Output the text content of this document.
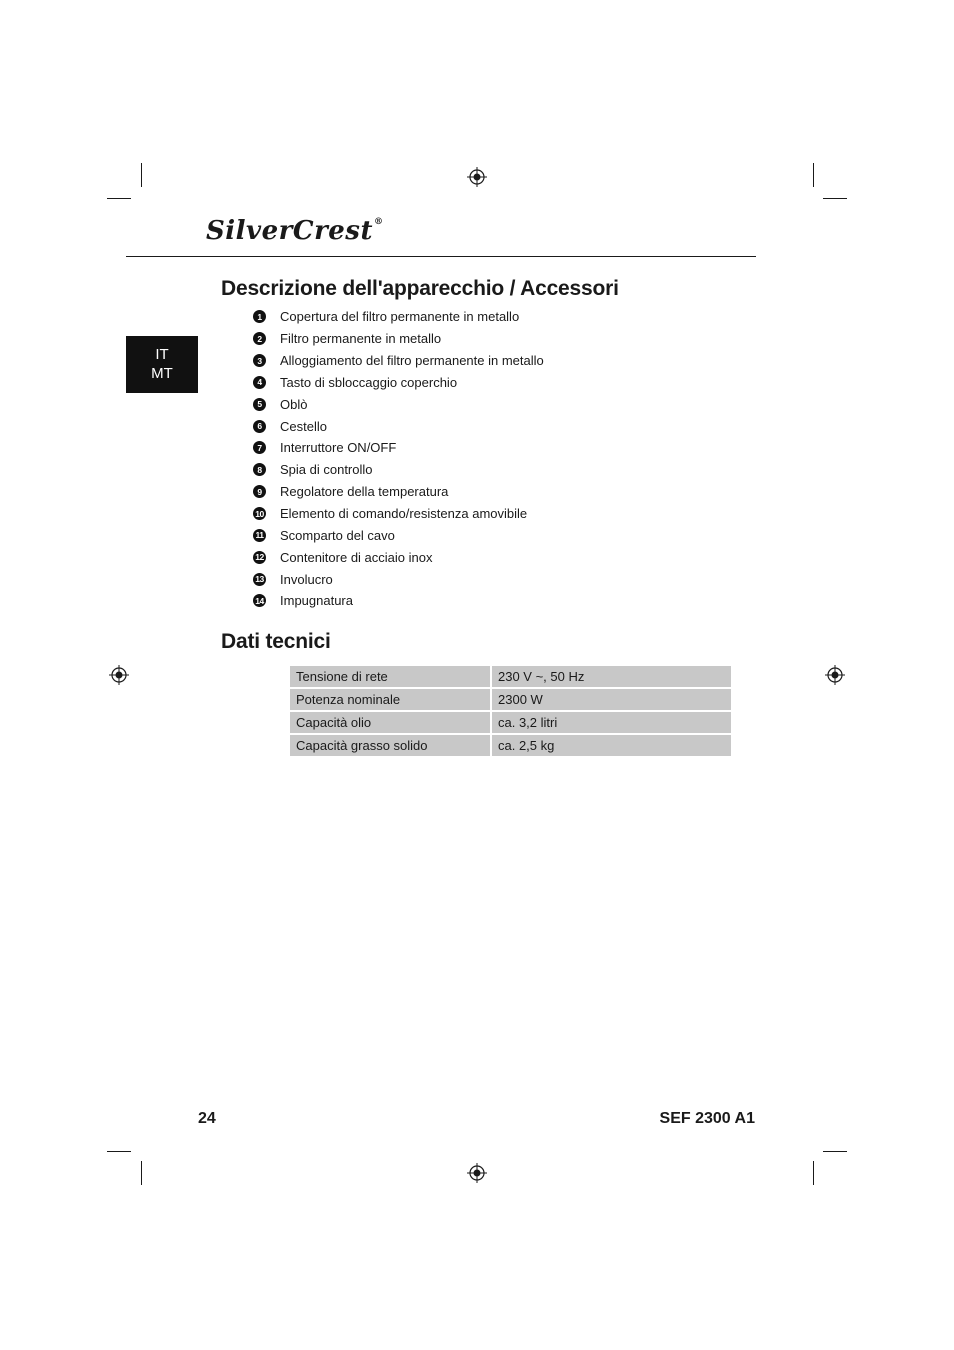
SilverCrest®
IT
MT
Descrizione dell'apparecchio / Accessori
1	Copertura del filtro permanente in metallo
2	Filtro permanente in metallo
3	Alloggiamento del filtro permanente in metallo
4	Tasto di sbloccaggio coperchio
5	Oblò
6	Cestello
7	Interruttore ON/OFF
8	Spia di controllo
9	Regolatore della temperatura
10 Elemento di comando/resistenza amovibile
11 Scomparto del cavo
12 Contenitore di acciaio inox
13 Involucro
14 Impugnatura
Dati tecnici
Tensione di rete	230 V ~, 50 Hz
Potenza nominale	2300 W
Capacità olio	ca. 3,2 litri
Capacità grasso solido	ca. 2,5 kg
24	SEF 2300 A1
